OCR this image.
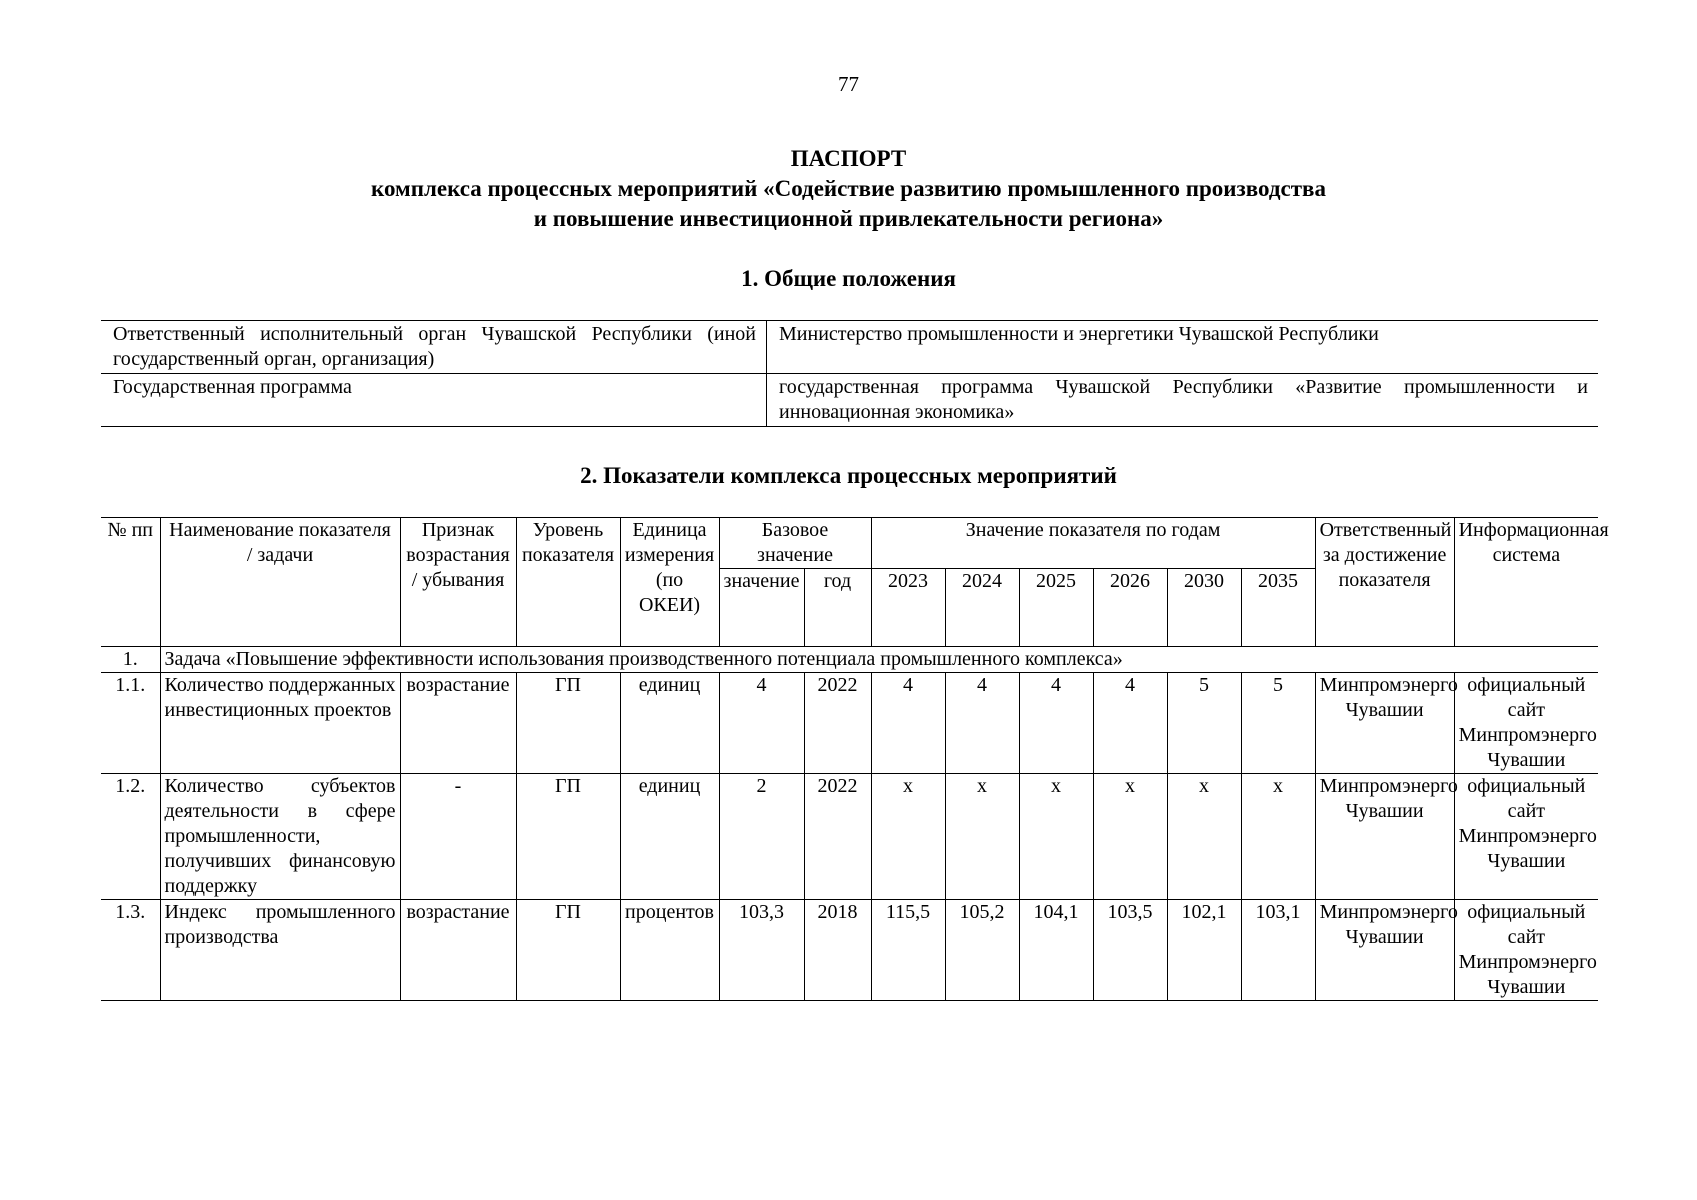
77
ПАСПОРТ
комплекса процессных мероприятий «Содействие развитию промышленного производства
и повышение инвестиционной привлекательности региона»
1. Общие положения
Ответственный исполнительный орган Чувашской Республики (иной государственный орган, организация)	Министерство промышленности и энергетики Чувашской Республики
Государственная программа	государственная программа Чувашской Республики «Развитие промышленности и инновационная экономика»
2. Показатели комплекса процессных мероприятий
№ пп	Наименование показателя / задачи	Признак возрастания / убывания	Уровень показателя	Единица измерения (по ОКЕИ)	Базовое значение		Значение показателя по годам						Ответственный за достижение показателя	Информационная система
					значение	год	2023	2024	2025	2026	2030	2035		
1.	Задача «Повышение эффективности использования производственного потенциала промышленного комплекса»													
1.1.	Количество поддержанных инвестиционных проектов	возрастание	ГП	единиц	4	2022	4	4	4	4	5	5	Минпромэнерго Чувашии	официальный сайт Минпромэнерго Чувашии
1.2.	Количество субъектов деятельности в сфере промышленности, получивших финансовую поддержку	-	ГП	единиц	2	2022	х	х	х	х	х	х	Минпромэнерго Чувашии	официальный сайт Минпромэнерго Чувашии
1.3.	Индекс промышленного производства	возрастание	ГП	процентов	103,3	2018	115,5	105,2	104,1	103,5	102,1	103,1	Минпромэнерго Чувашии	официальный сайт Минпромэнерго Чувашии
